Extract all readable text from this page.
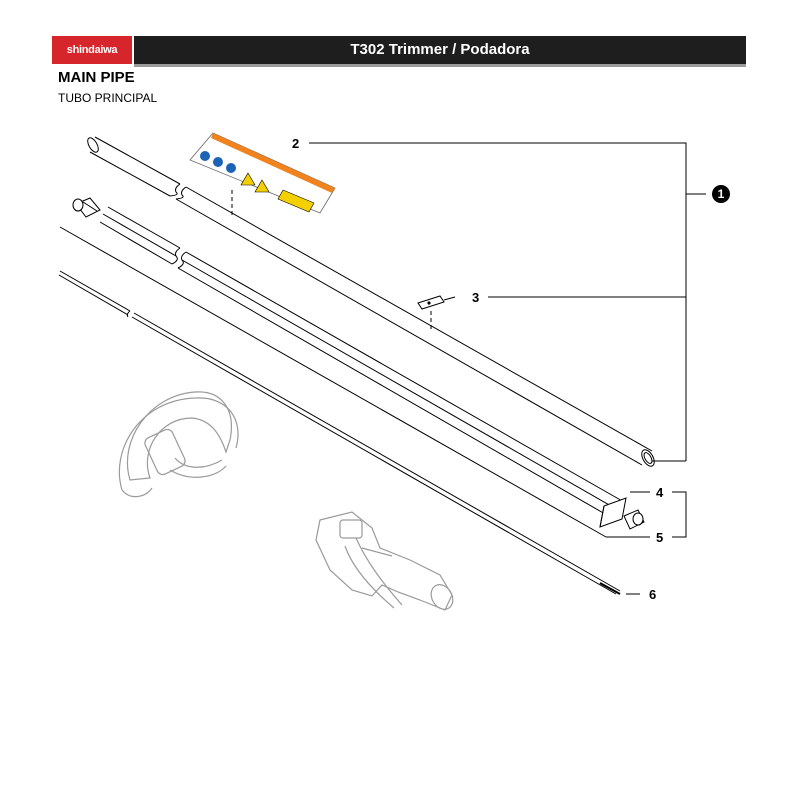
shindaiwa	T302 Trimmer / Podadora
MAIN PIPE
TUBO PRINCIPAL
2
3
4
5
6
1
